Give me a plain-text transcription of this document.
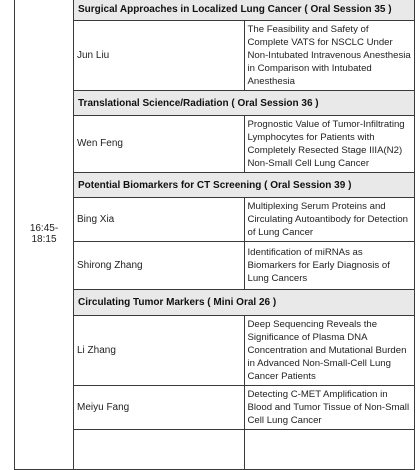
16:45-18:15	Surgical Approaches in Localized Lung Cancer ( Oral Session 35 )	
	Jun Liu	The Feasibility and Safety of Complete VATS for NSCLC Under Non-Intubated Intravenous Anesthesia in Comparison with Intubated Anesthesia
	Translational Science/Radiation ( Oral Session 36 )	
	Wen Feng	Prognostic Value of Tumor-Infiltrating Lymphocytes for Patients with Completely Resected Stage IIIA(N2) Non-Small Cell Lung Cancer
	Potential Biomarkers for CT Screening ( Oral Session 39 )	
	Bing Xia	Multiplexing Serum Proteins and Circulating Autoantibody for Detection of Lung Cancer
	Shirong Zhang	Identification of miRNAs as Biomarkers for Early Diagnosis of Lung Cancers
	Circulating Tumor Markers ( Mini Oral 26 )	
	Li Zhang	Deep Sequencing Reveals the Significance of Plasma DNA Concentration and Mutational Burden in Advanced Non-Small-Cell Lung Cancer Patients
	Meiyu Fang	Detecting C-MET Amplification in Blood and Tumor Tissue of Non-Small Cell Lung Cancer
